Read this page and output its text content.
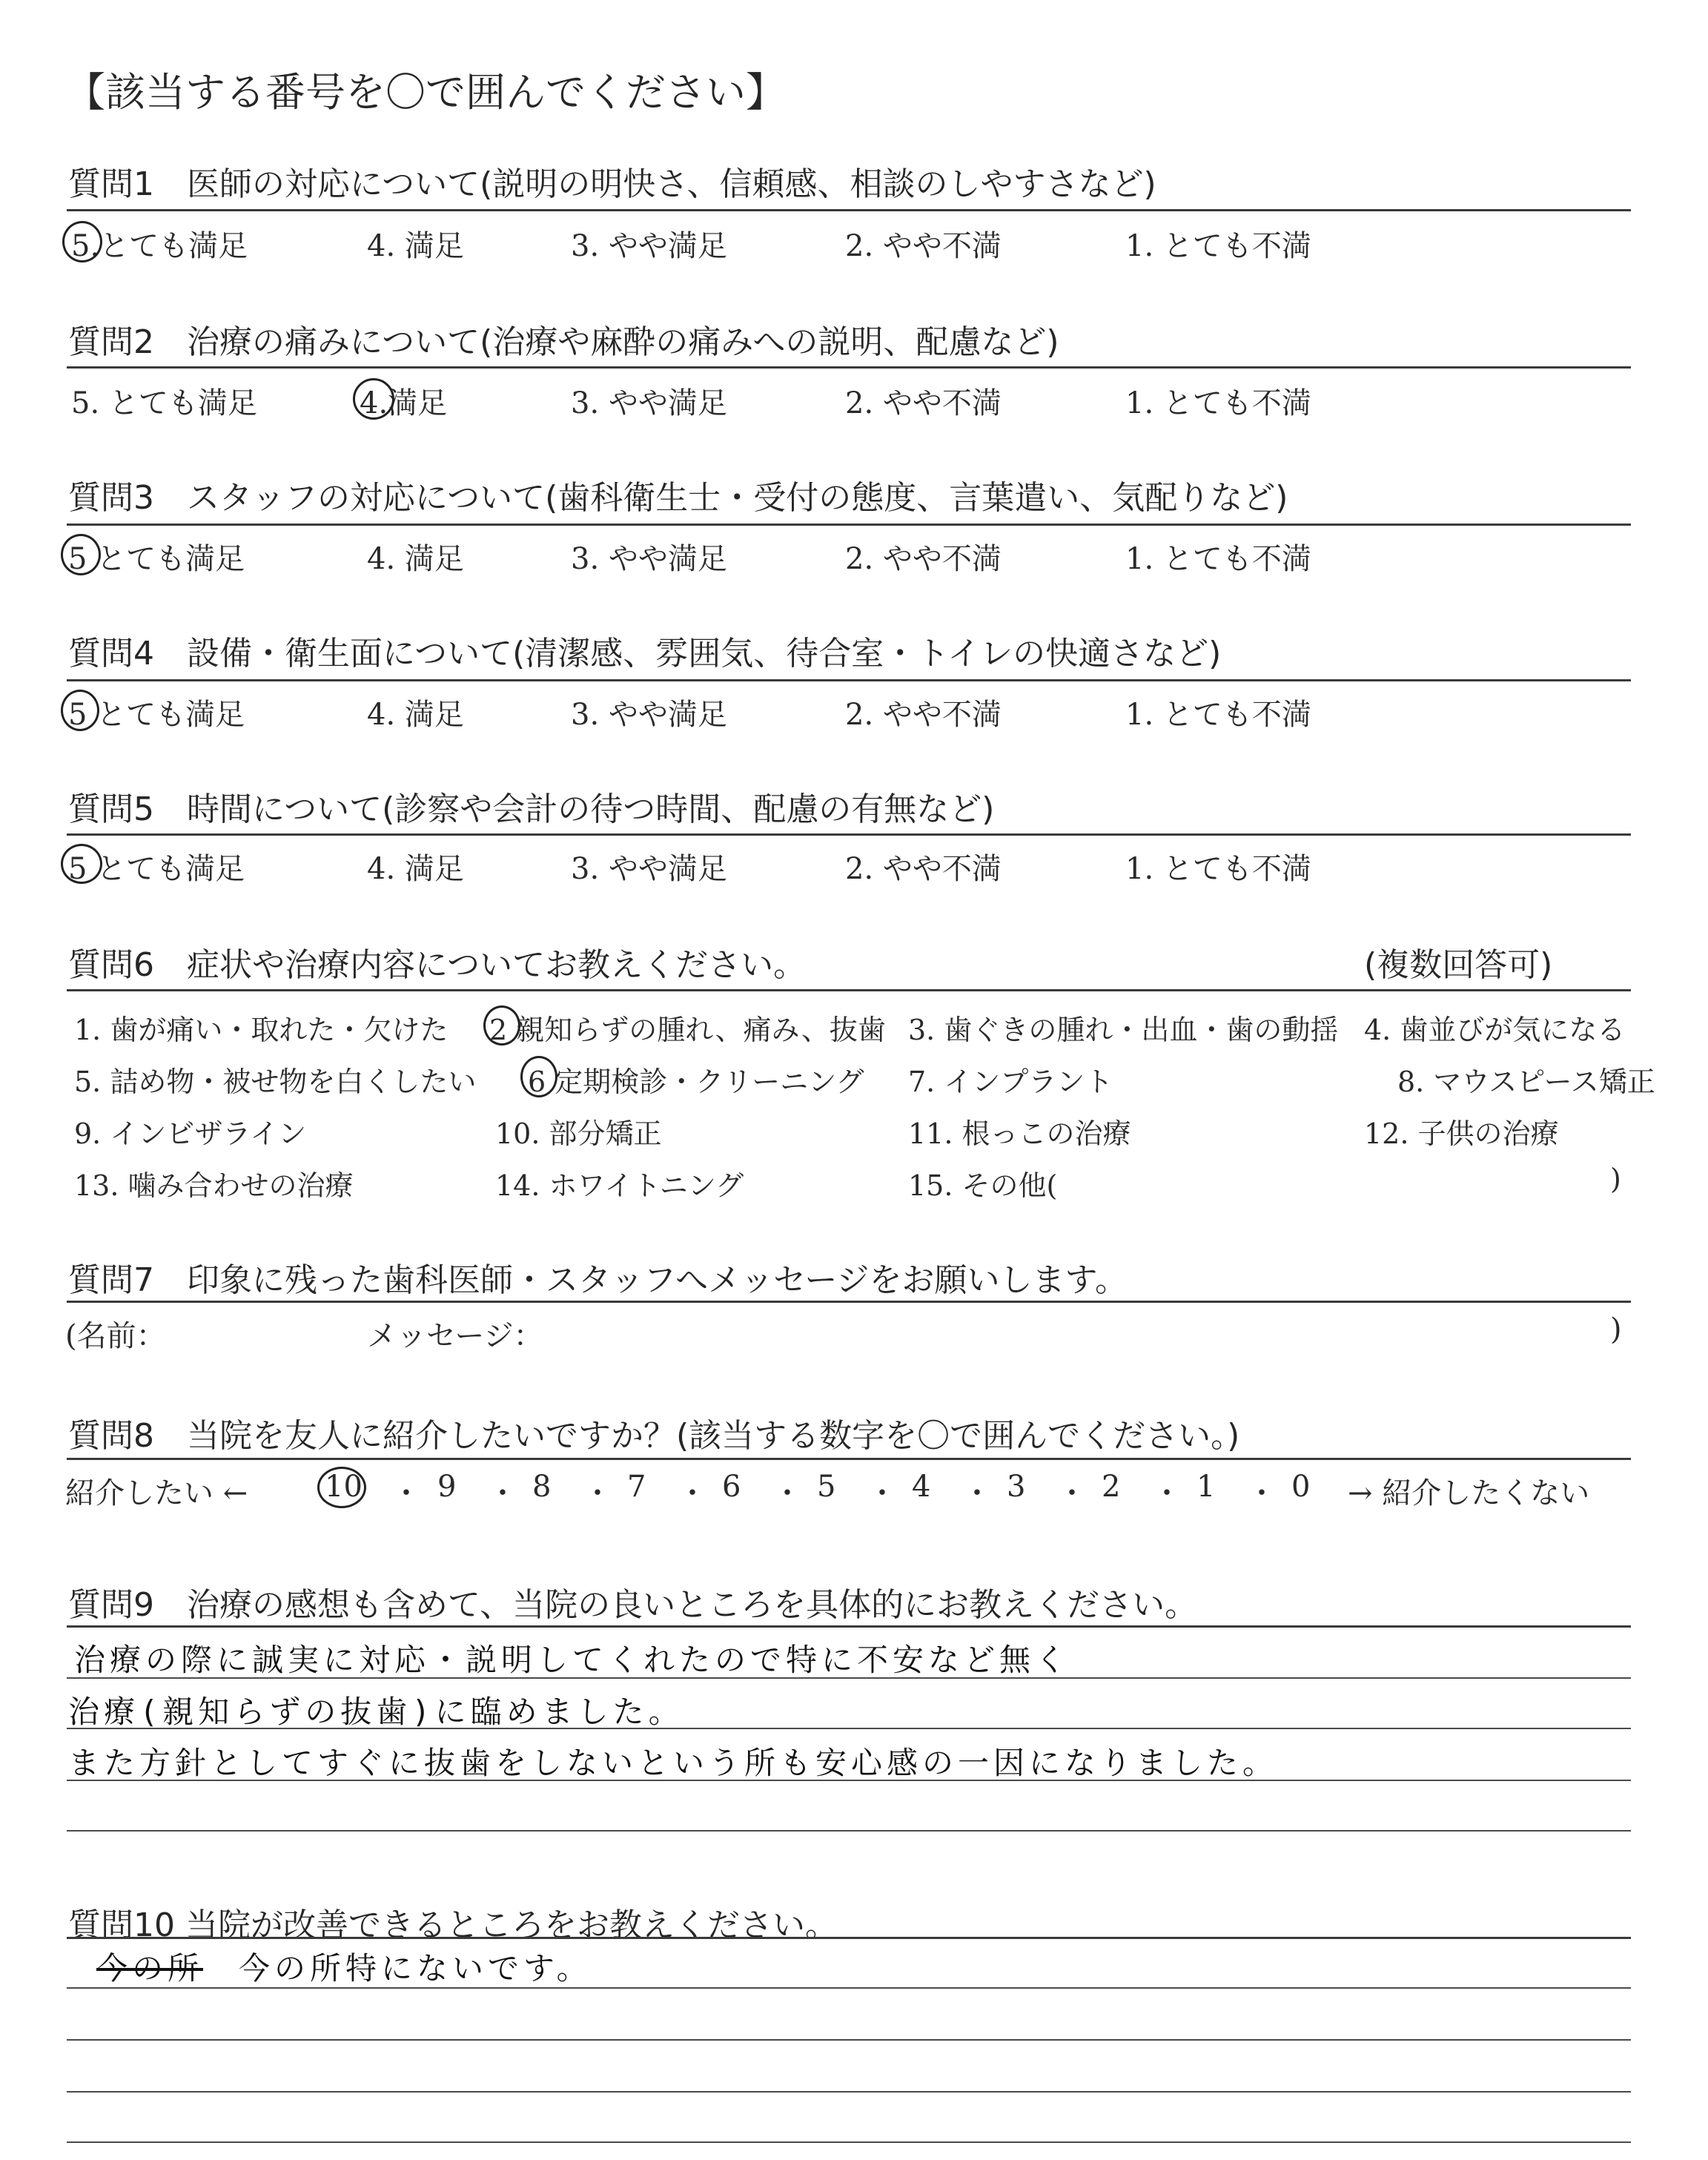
【該当する番号を〇で囲んでください】
質問1　医師の対応について(説明の明快さ、信頼感、相談のしやすさなど)
5.とても満足	4. 満足	3. やや満足	2. やや不満	1. とても不満
質問2　治療の痛みについて(治療や麻酔の痛みへの説明、配慮など)
5. とても満足	4.満足	3. やや満足	2. やや不満	1. とても不満
質問3　スタッフの対応について(歯科衛生士・受付の態度、言葉遣い、気配りなど)
5 とても満足	4. 満足	3. やや満足	2. やや不満	1. とても不満
質問4　設備・衛生面について(清潔感、雰囲気、待合室・トイレの快適さなど)
5 とても満足	4. 満足	3. やや満足	2. やや不満	1. とても不満
質問5　時間について(診察や会計の待つ時間、配慮の有無など)
5 とても満足	4. 満足	3. やや満足	2. やや不満	1. とても不満
質問6　症状や治療内容についてお教えください。	(複数回答可)
1. 歯が痛い・取れた・欠けた 2 親知らずの腫れ、痛み、抜歯 3. 歯ぐきの腫れ・出血・歯の動揺 4. 歯並びが気になる
5. 詰め物・被せ物を白くしたい 6 定期検診・クリーニング 7. インプラント	8. マウスピース矯正
9. インビザライン	10. 部分矯正	11. 根っこの治療	12. 子供の治療
13. 噛み合わせの治療	14. ホワイトニング	15. その他(	)
質問7　印象に残った歯科医師・スタッフへメッセージをお願いします。
(名前：	メッセージ：	)
質問8　当院を友人に紹介したいですか？(該当する数字を〇で囲んでください。)
紹介したい ←	10 ・ 9 ・ 8 ・ 7 ・ 6 ・ 5 ・ 4 ・ 3 ・ 2 ・ 1 ・ 0 → 紹介したくない
質問9　治療の感想も含めて、当院の良いところを具体的にお教えください。
治療の際に誠実に対応・説明してくれたので特に不安など無く
治療(親知らずの抜歯)に臨めました。
また方針としてすぐに抜歯をしないという所も安心感の一因になりました。
質問10 当院が改善できるところをお教えください。
今の所 今の所特にないです。
